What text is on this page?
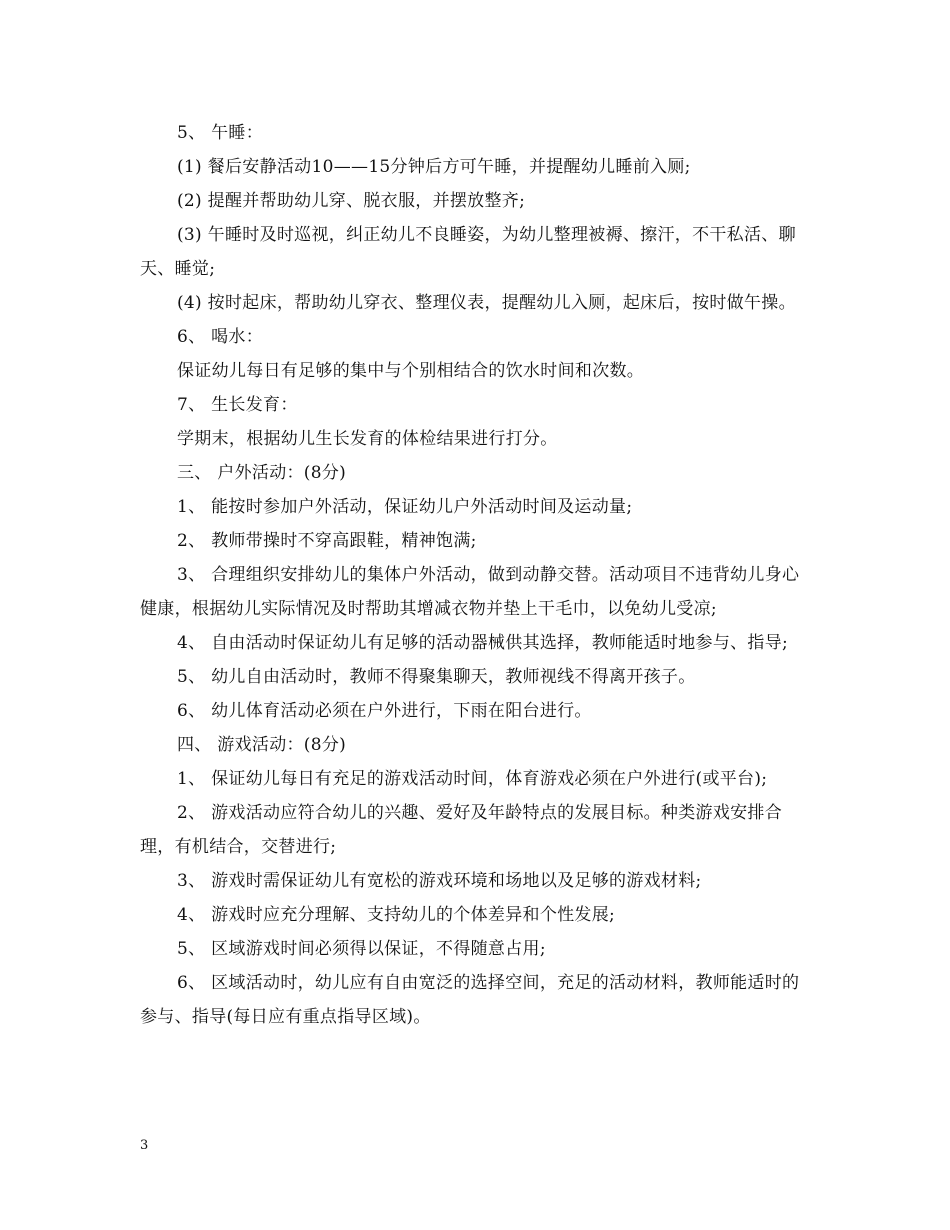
5、 午睡：

(1) 餐后安静活动10——15分钟后方可午睡，并提醒幼儿睡前入厕;

(2) 提醒并帮助幼儿穿、脱衣服，并摆放整齐;

(3) 午睡时及时巡视，纠正幼儿不良睡姿，为幼儿整理被褥、擦汗，不干私活、聊天、睡觉;

(4) 按时起床，帮助幼儿穿衣、整理仪表，提醒幼儿入厕，起床后，按时做午操。

6、 喝水：

保证幼儿每日有足够的集中与个别相结合的饮水时间和次数。

7、 生长发育：

学期末，根据幼儿生长发育的体检结果进行打分。

三、 户外活动：(8分)

1、 能按时参加户外活动，保证幼儿户外活动时间及运动量;

2、 教师带操时不穿高跟鞋，精神饱满;

3、 合理组织安排幼儿的集体户外活动，做到动静交替。活动项目不违背幼儿身心健康，根据幼儿实际情况及时帮助其增减衣物并垫上干毛巾，以免幼儿受凉;

4、 自由活动时保证幼儿有足够的活动器械供其选择，教师能适时地参与、指导;

5、 幼儿自由活动时，教师不得聚集聊天，教师视线不得离开孩子。

6、 幼儿体育活动必须在户外进行，下雨在阳台进行。

四、 游戏活动：(8分)

1、 保证幼儿每日有充足的游戏活动时间，体育游戏必须在户外进行(或平台);

2、 游戏活动应符合幼儿的兴趣、爱好及年龄特点的发展目标。种类游戏安排合理，有机结合，交替进行;

3、 游戏时需保证幼儿有宽松的游戏环境和场地以及足够的游戏材料;

4、 游戏时应充分理解、支持幼儿的个体差异和个性发展;

5、 区域游戏时间必须得以保证，不得随意占用;

6、 区域活动时，幼儿应有自由宽泛的选择空间，充足的活动材料，教师能适时的参与、指导(每日应有重点指导区域)。

3
